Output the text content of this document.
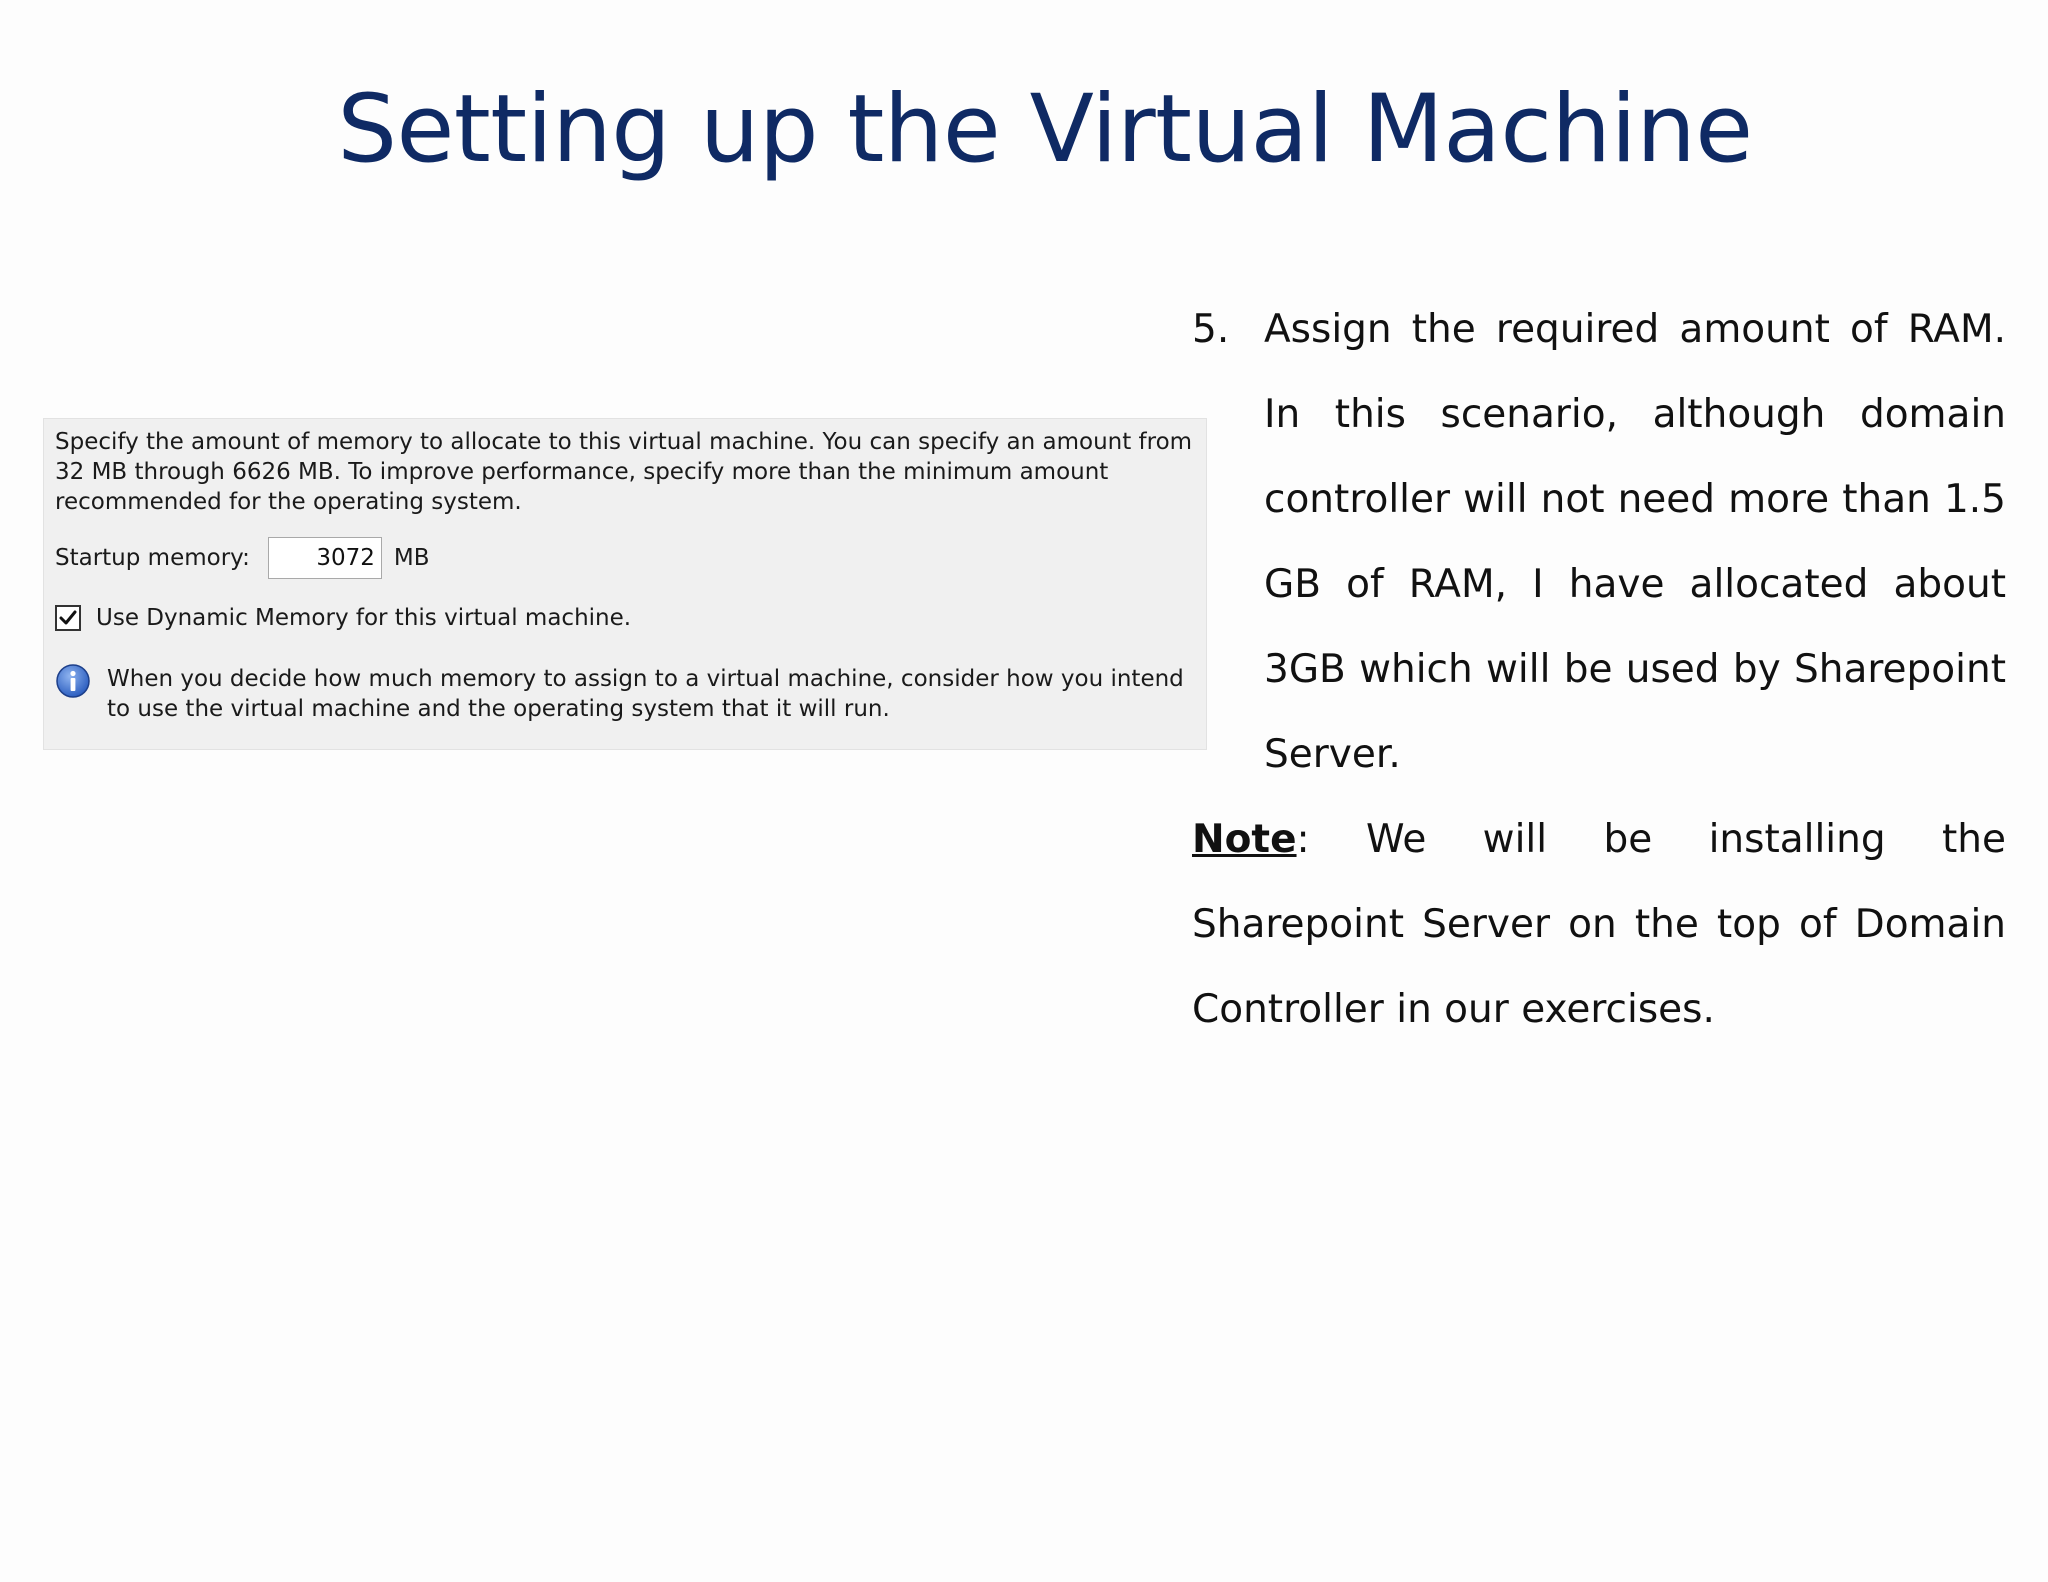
Setting up the Virtual Machine

Specify the amount of memory to allocate to this virtual machine. You can specify an amount from 32 MB through 6626 MB. To improve performance, specify more than the minimum amount recommended for the operating system.

Startup memory:
3072	MB
Use Dynamic Memory for this virtual machine.

When you decide how much memory to assign to a virtual machine, consider how you intend to use the virtual machine and the operating system that it will run.

5. Assign the required amount of RAM. In this scenario, although domain controller will not need more than 1.5 GB of RAM, I have allocated about 3GB which will be used by Sharepoint Server.

Note: We will be installing the Sharepoint Server on the top of Domain Controller in our exercises.
